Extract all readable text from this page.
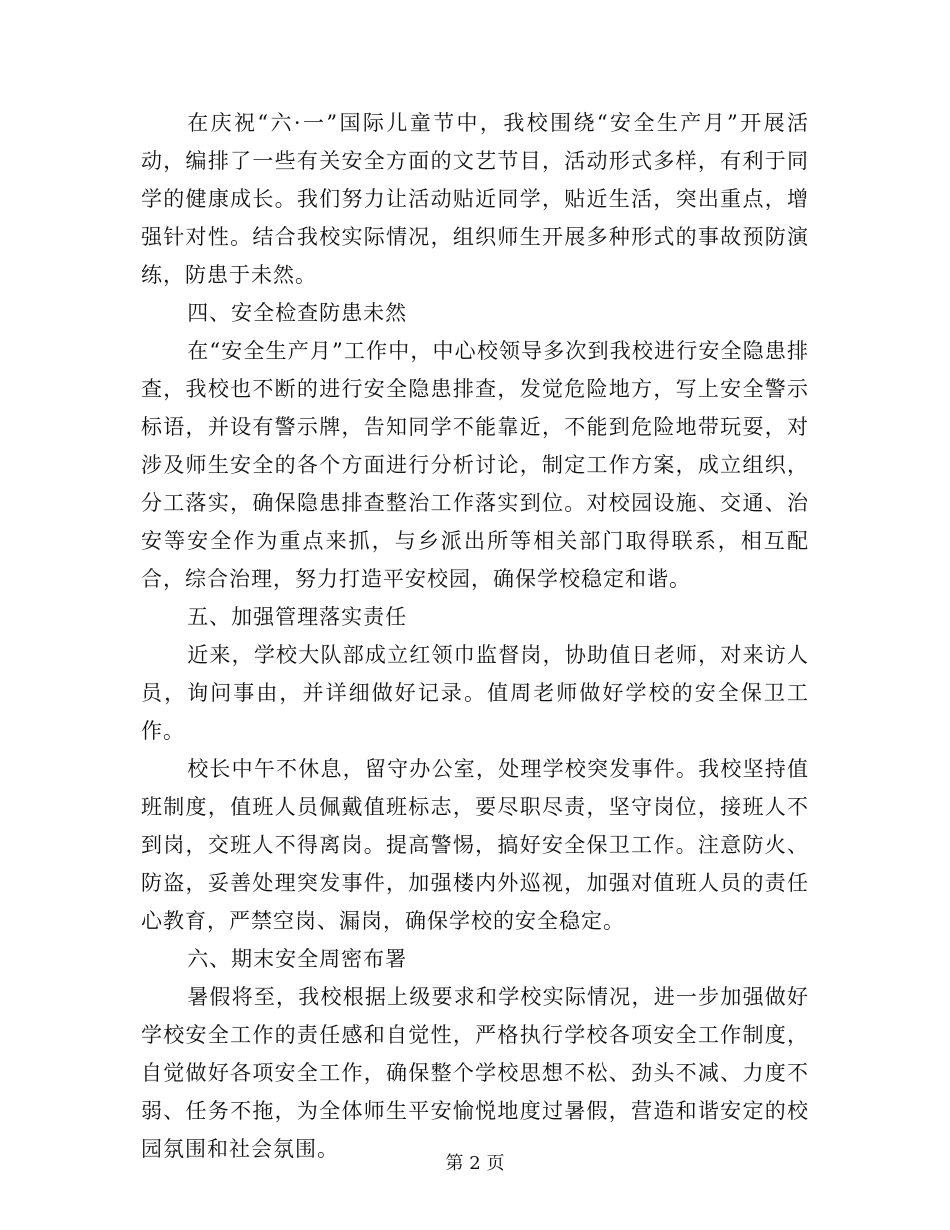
在庆祝“六·一”国际儿童节中，我校围绕“安全生产月”开展活动，编排了一些有关安全方面的文艺节目，活动形式多样，有利于同学的健康成长。我们努力让活动贴近同学，贴近生活，突出重点，增强针对性。结合我校实际情况，组织师生开展多种形式的事故预防演练，防患于未然。

四、安全检查防患未然

在“安全生产月”工作中，中心校领导多次到我校进行安全隐患排查，我校也不断的进行安全隐患排查，发觉危险地方，写上安全警示标语，并设有警示牌，告知同学不能靠近，不能到危险地带玩耍，对涉及师生安全的各个方面进行分析讨论，制定工作方案，成立组织，分工落实，确保隐患排查整治工作落实到位。对校园设施、交通、治安等安全作为重点来抓，与乡派出所等相关部门取得联系，相互配合，综合治理，努力打造平安校园，确保学校稳定和谐。

五、加强管理落实责任

近来，学校大队部成立红领巾监督岗，协助值日老师，对来访人员，询问事由，并详细做好记录。值周老师做好学校的安全保卫工作。

校长中午不休息，留守办公室，处理学校突发事件。我校坚持值班制度，值班人员佩戴值班标志，要尽职尽责，坚守岗位，接班人不到岗，交班人不得离岗。提高警惕，搞好安全保卫工作。注意防火、防盗，妥善处理突发事件，加强楼内外巡视，加强对值班人员的责任心教育，严禁空岗、漏岗，确保学校的安全稳定。

六、期末安全周密布署

暑假将至，我校根据上级要求和学校实际情况，进一步加强做好学校安全工作的责任感和自觉性，严格执行学校各项安全工作制度，自觉做好各项安全工作，确保整个学校思想不松、劲头不减、力度不弱、任务不拖，为全体师生平安愉悦地度过暑假，营造和谐安定的校园氛围和社会氛围。

第 2 页
